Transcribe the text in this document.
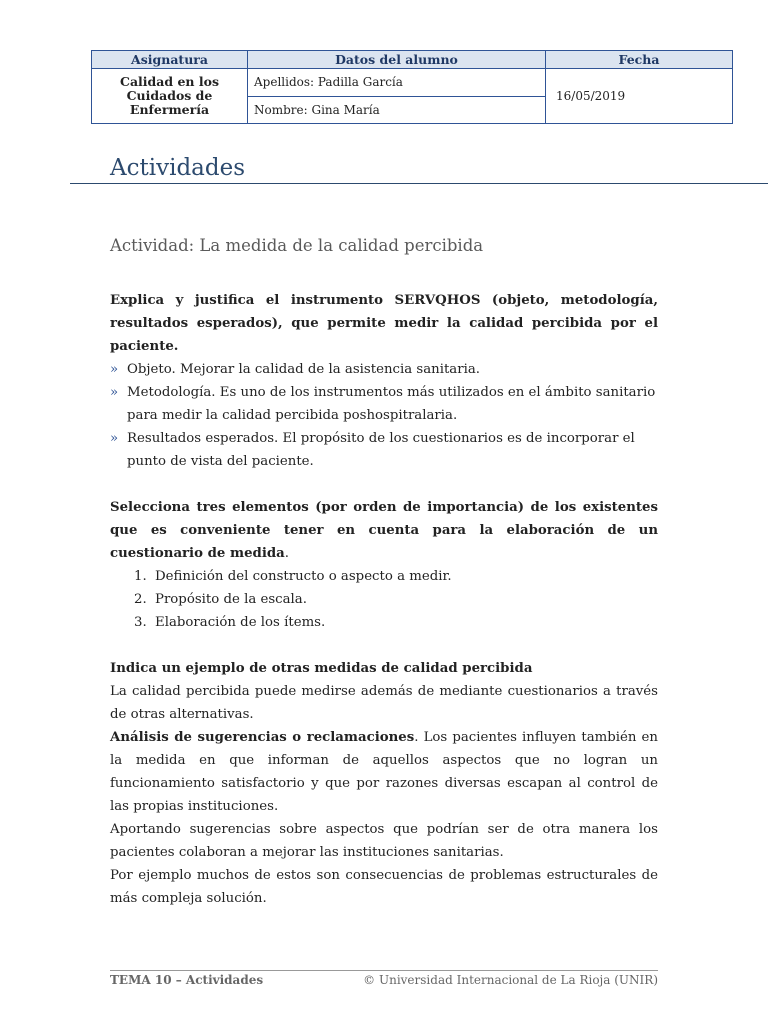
Asignatura	Datos del alumno	Fecha
Calidad en los Cuidados de Enfermería	Apellidos: Padilla García	16/05/2019
	Nombre: Gina María	
Actividades
Actividad: La medida de la calidad percibida
Explica y justifica el instrumento SERVQHOS (objeto, metodología, resultados esperados), que permite medir la calidad percibida por el paciente.
» Objeto. Mejorar la calidad de la asistencia sanitaria.
» Metodología. Es uno de los instrumentos más utilizados en el ámbito sanitario para medir la calidad percibida poshospitralaria.
» Resultados esperados. El propósito de los cuestionarios es de incorporar el punto de vista del paciente.
Selecciona tres elementos (por orden de importancia) de los existentes que es conveniente tener en cuenta para la elaboración de un cuestionario de medida.
1. Definición del constructo o aspecto a medir.
2. Propósito de la escala.
3. Elaboración de los ítems.
Indica un ejemplo de otras medidas de calidad percibida
La calidad percibida puede medirse además de mediante cuestionarios a través de otras alternativas.
Análisis de sugerencias o reclamaciones. Los pacientes influyen también en la medida en que informan de aquellos aspectos que no logran un funcionamiento satisfactorio y que por razones diversas escapan al control de las propias instituciones.
Aportando sugerencias sobre aspectos que podrían ser de otra manera los pacientes colaboran a mejorar las instituciones sanitarias.
Por ejemplo muchos de estos son consecuencias de problemas estructurales de más compleja solución.
TEMA 10 – Actividades	© Universidad Internacional de La Rioja (UNIR)
